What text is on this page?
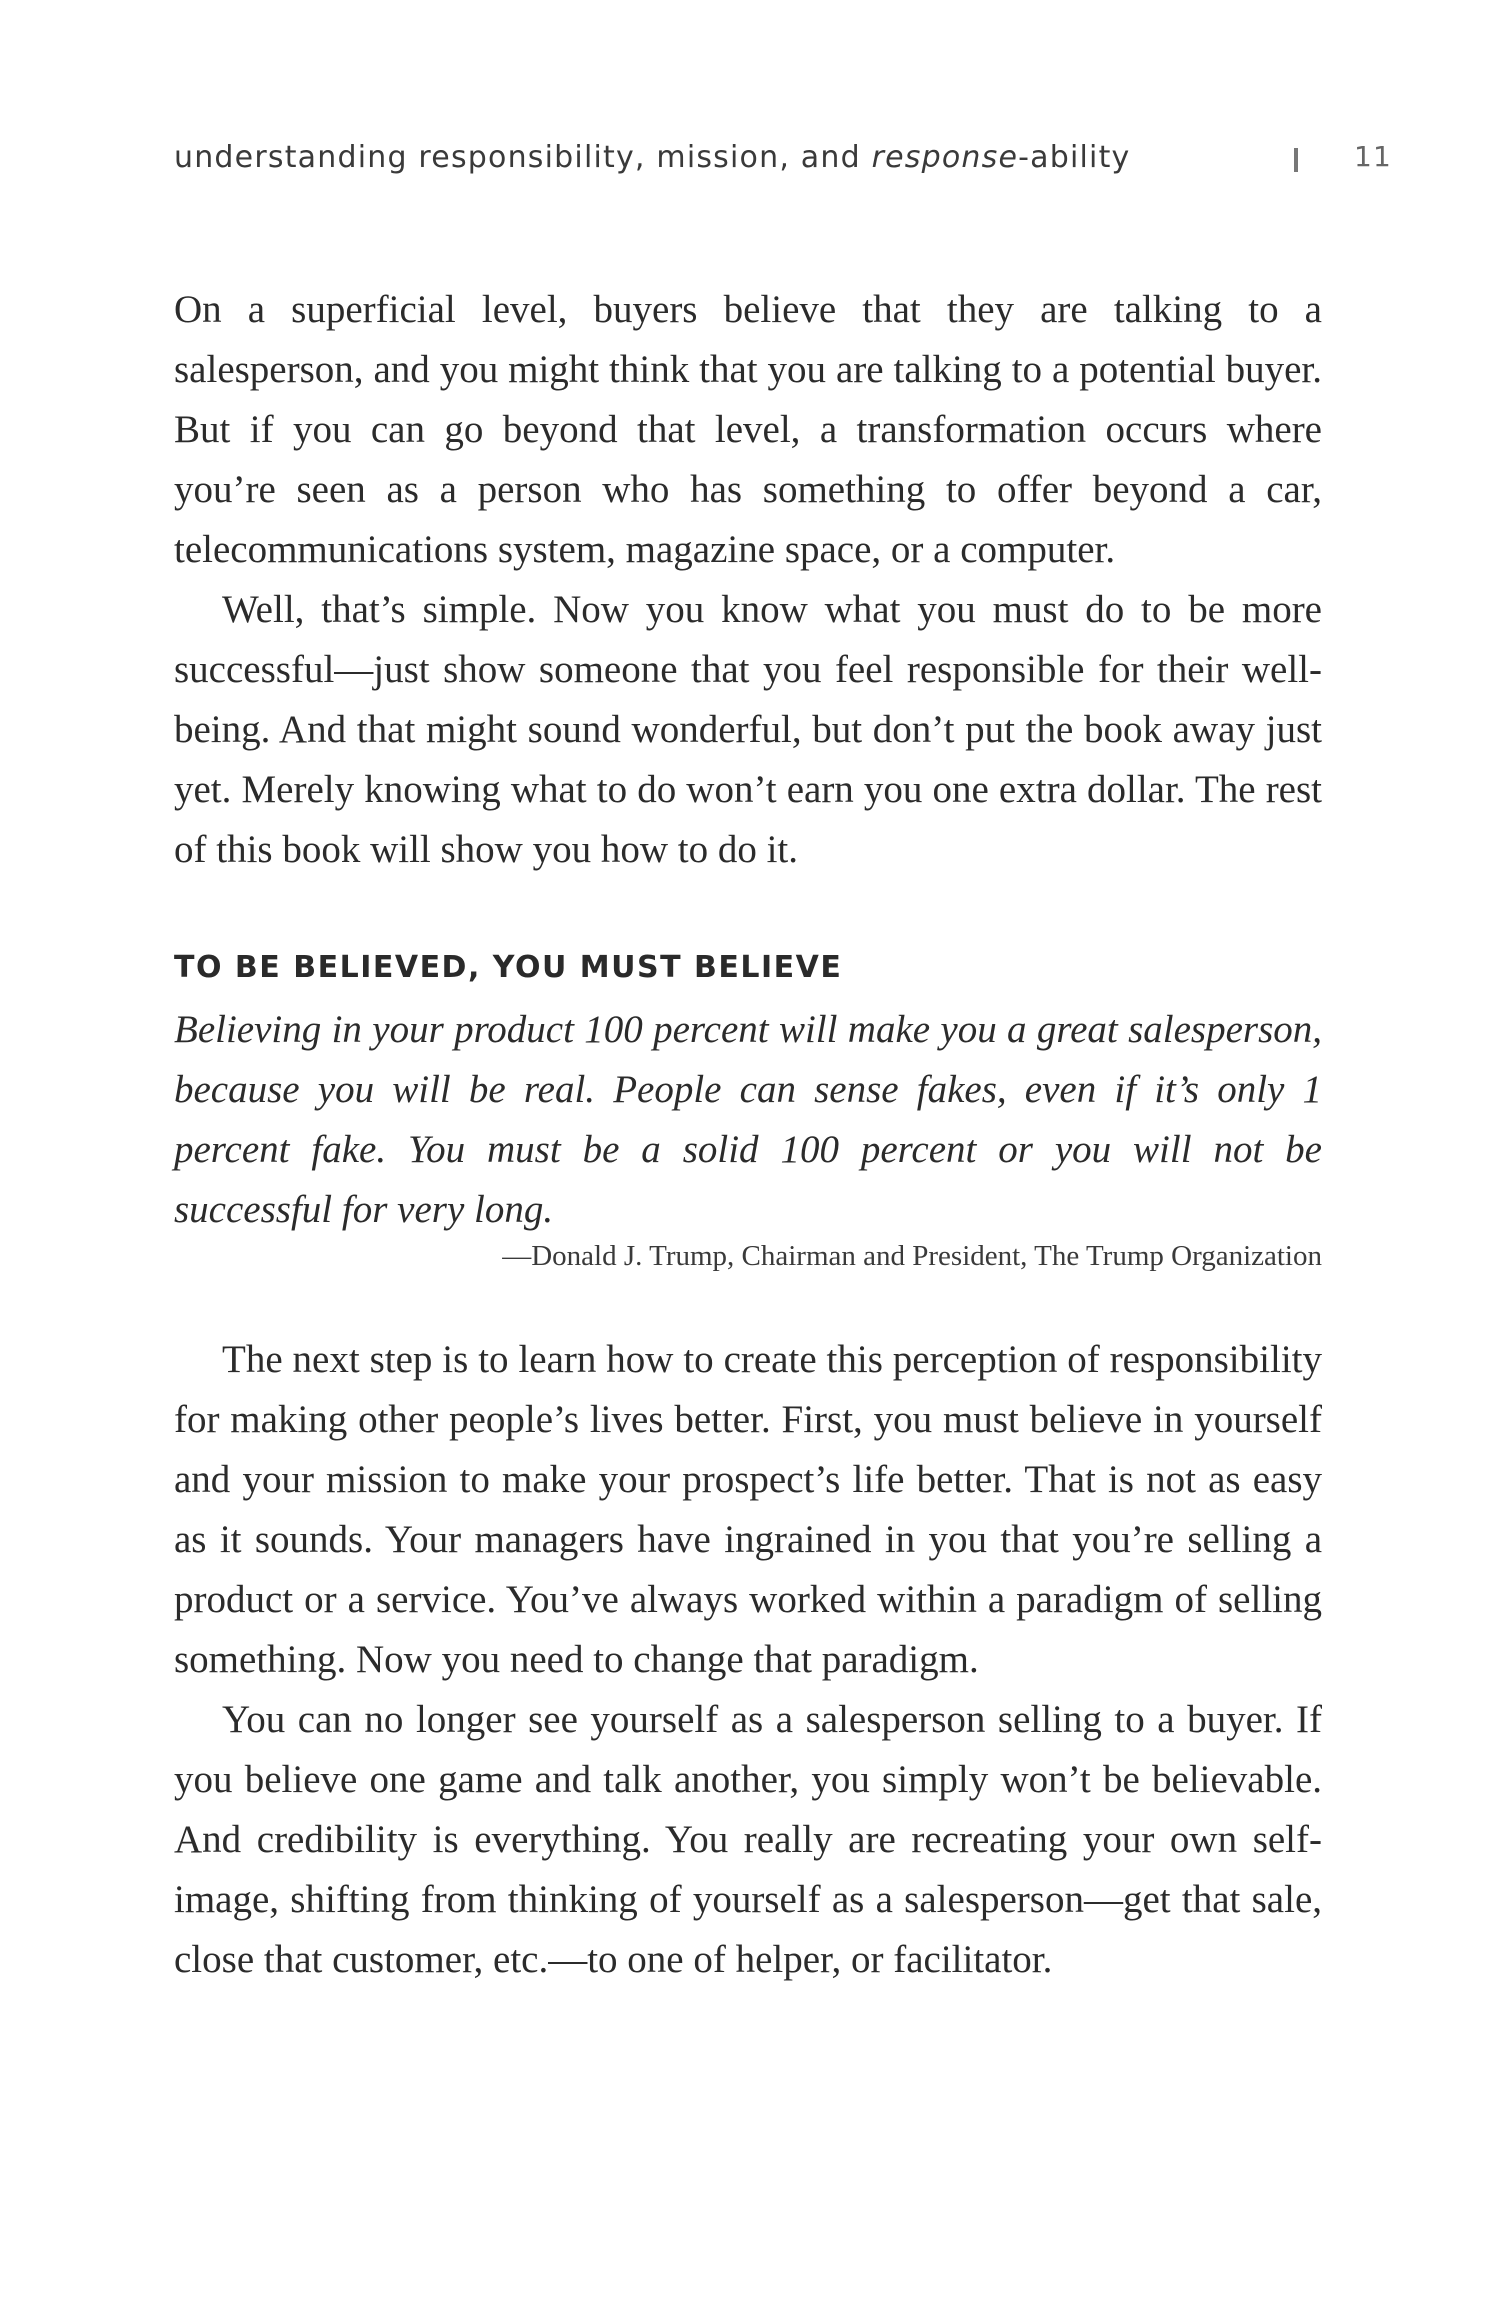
understanding responsibility, mission, and response-ability	11

On a superficial level, buyers believe that they are talking to a salesperson, and you might think that you are talking to a potential buyer. But if you can go beyond that level, a transformation occurs where you’re seen as a person who has something to offer beyond a car, telecommunications system, magazine space, or a computer.

Well, that’s simple. Now you know what you must do to be more successful—just show someone that you feel responsible for their well-being. And that might sound wonderful, but don’t put the book away just yet. Merely knowing what to do won’t earn you one extra dollar. The rest of this book will show you how to do it.

TO BE BELIEVED, YOU MUST BELIEVE

Believing in your product 100 percent will make you a great salesperson, because you will be real. People can sense fakes, even if it’s only 1 percent fake. You must be a solid 100 percent or you will not be successful for very long.

—Donald J. Trump, Chairman and President, The Trump Organization

The next step is to learn how to create this perception of responsibility for making other people’s lives better. First, you must believe in yourself and your mission to make your prospect’s life better. That is not as easy as it sounds. Your managers have ingrained in you that you’re selling a product or a service. You’ve always worked within a paradigm of selling something. Now you need to change that paradigm.

You can no longer see yourself as a salesperson selling to a buyer. If you believe one game and talk another, you simply won’t be believable. And credibility is everything. You really are recreating your own self-image, shifting from thinking of yourself as a salesperson—get that sale, close that customer, etc.—to one of helper, or facilitator.
